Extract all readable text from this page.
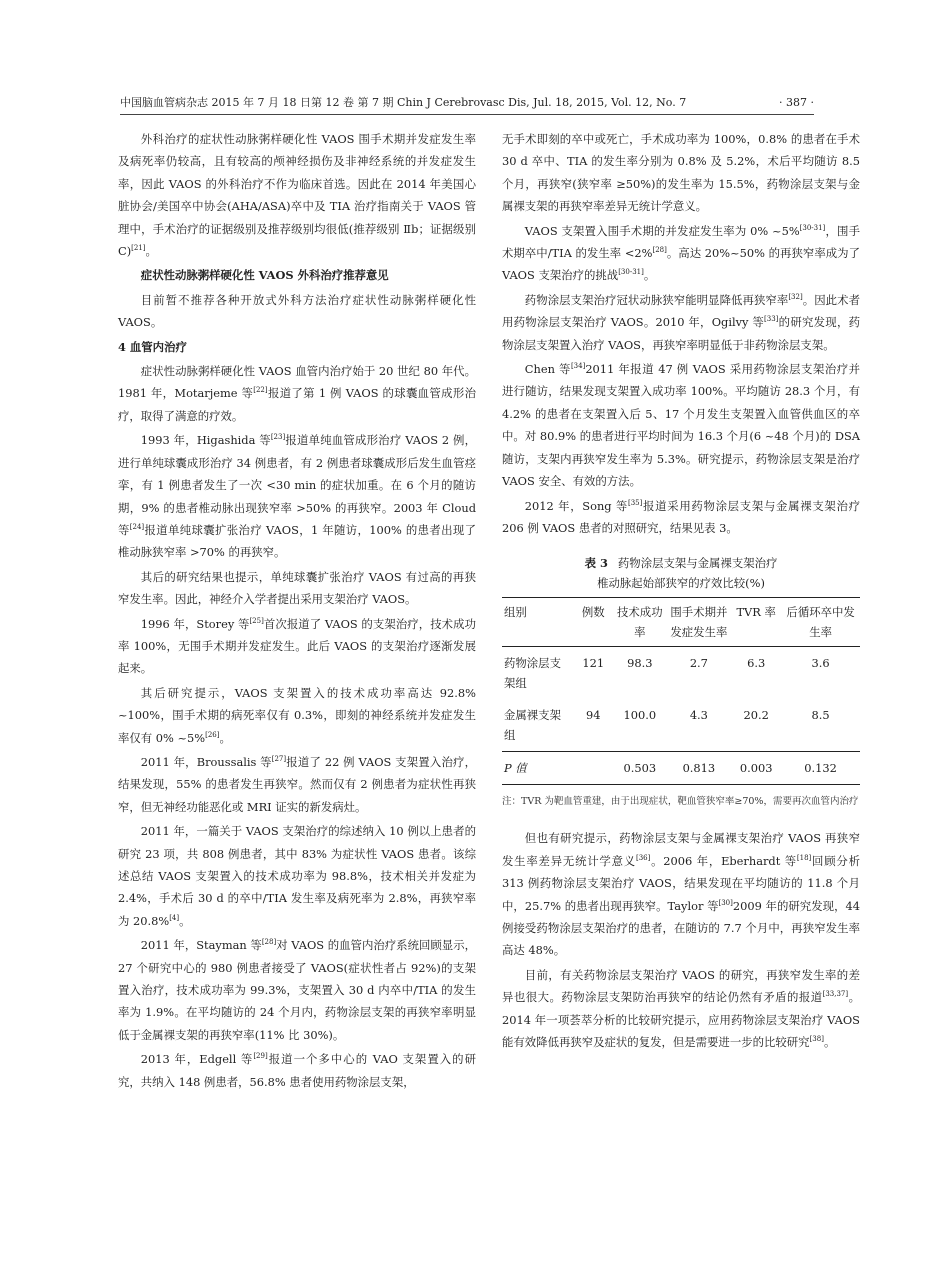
中国脑血管病杂志 2015 年 7 月 18 日第 12 卷 第 7 期 Chin J Cerebrovasc Dis, Jul. 18, 2015, Vol. 12, No. 7	· 387 ·

外科治疗的症状性动脉粥样硬化性 VAOS 围手术期并发症发生率及病死率仍较高，且有较高的颅神经损伤及非神经系统的并发症发生率，因此 VAOS 的外科治疗不作为临床首选。因此在 2014 年美国心脏协会/美国卒中协会(AHA/ASA)卒中及 TIA 治疗指南关于 VAOS 管理中，手术治疗的证据级别及推荐级别均很低(推荐级别 Ⅱb；证据级别 C)[21]。

症状性动脉粥样硬化性 VAOS 外科治疗推荐意见

目前暂不推荐各种开放式外科方法治疗症状性动脉粥样硬化性 VAOS。

4 血管内治疗

症状性动脉粥样硬化性 VAOS 血管内治疗始于 20 世纪 80 年代。1981 年，Motarjeme 等[22]报道了第 1 例 VAOS 的球囊血管成形治疗，取得了满意的疗效。

1993 年，Higashida 等[23]报道单纯血管成形治疗 VAOS 2 例，进行单纯球囊成形治疗 34 例患者，有 2 例患者球囊成形后发生血管痉挛，有 1 例患者发生了一次 <30 min 的症状加重。在 6 个月的随访期，9% 的患者椎动脉出现狭窄率 >50% 的再狭窄。2003 年 Cloud 等[24]报道单纯球囊扩张治疗 VAOS，1 年随访，100% 的患者出现了椎动脉狭窄率 >70% 的再狭窄。

其后的研究结果也提示，单纯球囊扩张治疗 VAOS 有过高的再狭窄发生率。因此，神经介入学者提出采用支架治疗 VAOS。

1996 年，Storey 等[25]首次报道了 VAOS 的支架治疗，技术成功率 100%，无围手术期并发症发生。此后 VAOS 的支架治疗逐渐发展起来。

其后研究提示，VAOS 支架置入的技术成功率高达 92.8% ~100%，围手术期的病死率仅有 0.3%，即刻的神经系统并发症发生率仅有 0% ~5%[26]。

2011 年，Broussalis 等[27]报道了 22 例 VAOS 支架置入治疗，结果发现，55% 的患者发生再狭窄。然而仅有 2 例患者为症状性再狭窄，但无神经功能恶化或 MRI 证实的新发病灶。

2011 年，一篇关于 VAOS 支架治疗的综述纳入 10 例以上患者的研究 23 项，共 808 例患者，其中 83% 为症状性 VAOS 患者。该综述总结 VAOS 支架置入的技术成功率为 98.8%，技术相关并发症为 2.4%，手术后 30 d 的卒中/TIA 发生率及病死率为 2.8%，再狭窄率为 20.8%[4]。

2011 年，Stayman 等[28]对 VAOS 的血管内治疗系统回顾显示，27 个研究中心的 980 例患者接受了 VAOS(症状性者占 92%)的支架置入治疗，技术成功率为 99.3%，支架置入 30 d 内卒中/TIA 的发生率为 1.9%。在平均随访的 24 个月内，药物涂层支架的再狭窄率明显低于金属裸支架的再狭窄率(11% 比 30%)。

2013 年，Edgell 等[29]报道一个多中心的 VAO 支架置入的研究，共纳入 148 例患者，56.8% 患者使用药物涂层支架，

无手术即刻的卒中或死亡，手术成功率为 100%，0.8% 的患者在手术 30 d 卒中、TIA 的发生率分别为 0.8% 及 5.2%，术后平均随访 8.5 个月，再狭窄(狭窄率 ≥50%)的发生率为 15.5%，药物涂层支架与金属裸支架的再狭窄率差异无统计学意义。

VAOS 支架置入围手术期的并发症发生率为 0% ~5%[30-31]，围手术期卒中/TIA 的发生率 <2%[28]。高达 20%~50% 的再狭窄率成为了 VAOS 支架治疗的挑战[30-31]。

药物涂层支架治疗冠状动脉狭窄能明显降低再狭窄率[32]。因此术者用药物涂层支架治疗 VAOS。2010 年，Ogilvy 等[33]的研究发现，药物涂层支架置入治疗 VAOS，再狭窄率明显低于非药物涂层支架。

Chen 等[34]2011 年报道 47 例 VAOS 采用药物涂层支架治疗并进行随访，结果发现支架置入成功率 100%。平均随访 28.3 个月，有 4.2% 的患者在支架置入后 5、17 个月发生支架置入血管供血区的卒中。对 80.9% 的患者进行平均时间为 16.3 个月(6 ~48 个月)的 DSA 随访，支架内再狭窄发生率为 5.3%。研究提示，药物涂层支架是治疗 VAOS 安全、有效的方法。

2012 年，Song 等[35]报道采用药物涂层支架与金属裸支架治疗 206 例 VAOS 患者的对照研究，结果见表 3。

表 3 药物涂层支架与金属裸支架治疗
椎动脉起始部狭窄的疗效比较(%)
组别	例数	技术成功率	围手术期并发症发生率	TVR 率	后循环卒中发生率
药物涂层支架组	121	98.3	2.7	6.3	3.6
金属裸支架组	94	100.0	4.3	20.2	8.5
P 值		0.503	0.813	0.003	0.132
注：TVR 为靶血管重建，由于出现症状，靶血管狭窄率≥70%，需要再次血管内治疗

但也有研究提示，药物涂层支架与金属裸支架治疗 VAOS 再狭窄发生率差异无统计学意义[36]。2006 年，Eberhardt 等[18]回顾分析 313 例药物涂层支架治疗 VAOS，结果发现在平均随访的 11.8 个月中，25.7% 的患者出现再狭窄。Taylor 等[30]2009 年的研究发现，44 例接受药物涂层支架治疗的患者，在随访的 7.7 个月中，再狭窄发生率高达 48%。

目前，有关药物涂层支架治疗 VAOS 的研究，再狭窄发生率的差异也很大。药物涂层支架防治再狭窄的结论仍然有矛盾的报道[33,37]。2014 年一项荟萃分析的比较研究提示，应用药物涂层支架治疗 VAOS 能有效降低再狭窄及症状的复发，但是需要进一步的比较研究[38]。
